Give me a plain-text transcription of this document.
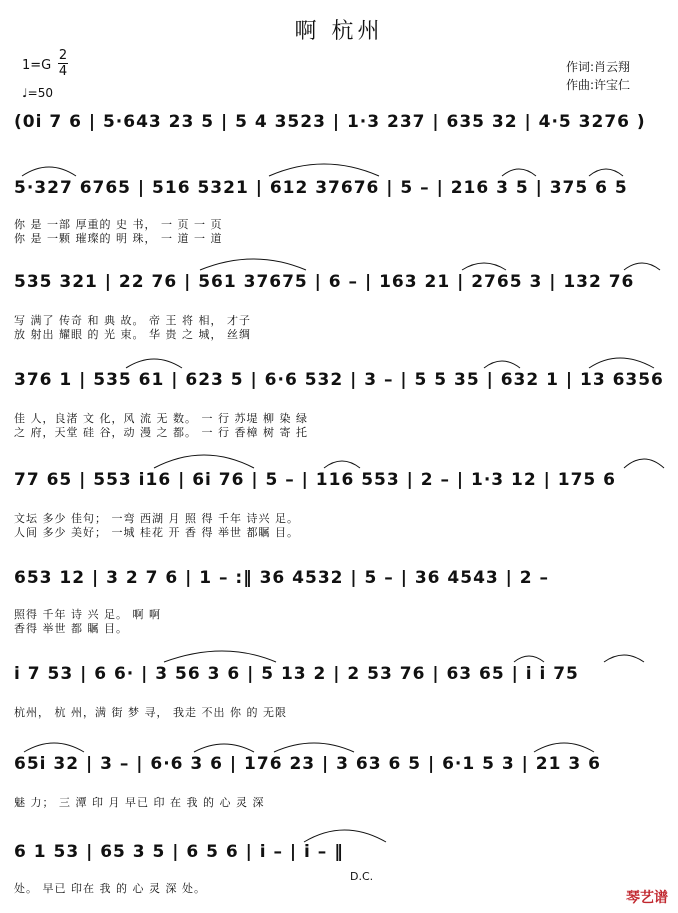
啊 杭州
1=G
2
4
♩=50
作词:肖云翔
作曲:许宝仁
(0i 7 6 | 5·643 23 5 | 5 4 3523 | 1·3 237 | 635 32 | 4·5 3276 )
5·327 6765 | 516 5321 | 612 37676 | 5 – | 216 3 5 | 375 6 5
你 是 一部 厚重的 史 书， 一 页 一 页
你 是 一颗 璀璨的 明 珠， 一 道 一 道
535 321 | 22 76 | 561 37675 | 6 – | 163 21 | 2765 3 | 132 76
写 满了 传奇 和 典 故。 帝 王 将 相， 才子
放 射出 耀眼 的 光 束。 华 贵 之 城， 丝绸
376 1 | 535 61 | 623 5 | 6·6 532 | 3 – | 5 5 35 | 632 1 | 13 6356
佳 人，良渚 文 化，风 流 无 数。 一 行 苏堤 柳 染 绿
之 府，天堂 硅 谷，动 漫 之 都。 一 行 香樟 树 寄 托
77 65 | 553 i16 | 6i 76 | 5 – | 116 553 | 2 – | 1·3 12 | 175 6
文坛 多少 佳句； 一弯 西湖 月 照 得 千年 诗兴 足。
人间 多少 美好； 一城 桂花 开 香 得 举世 都瞩 目。
653 12 | 3 2 7 6 | 1 – :‖ 36 4532 | 5 – | 36 4543 | 2 –
照得 千年 诗 兴 足。 啊 啊
香得 举世 都 瞩 目。
i 7 53 | 6 6· | 3 56 3 6 | 5 13 2 | 2 53 76 | 63 65 | i i 75
杭州， 杭 州，满 街 梦 寻， 我走 不出 你 的 无限
65i 32 | 3 – | 6·6 3 6 | 176 23 | 3 63 6 5 | 6·1 5 3 | 21 3 6
魅 力； 三 潭 印 月 早已 印 在 我 的 心 灵 深
6 1 53 | 65 3 5 | 6 5 6 | i – | i – ‖
处。 早已 印在 我 的 心 灵 深 处。
D.C.
琴艺谱
